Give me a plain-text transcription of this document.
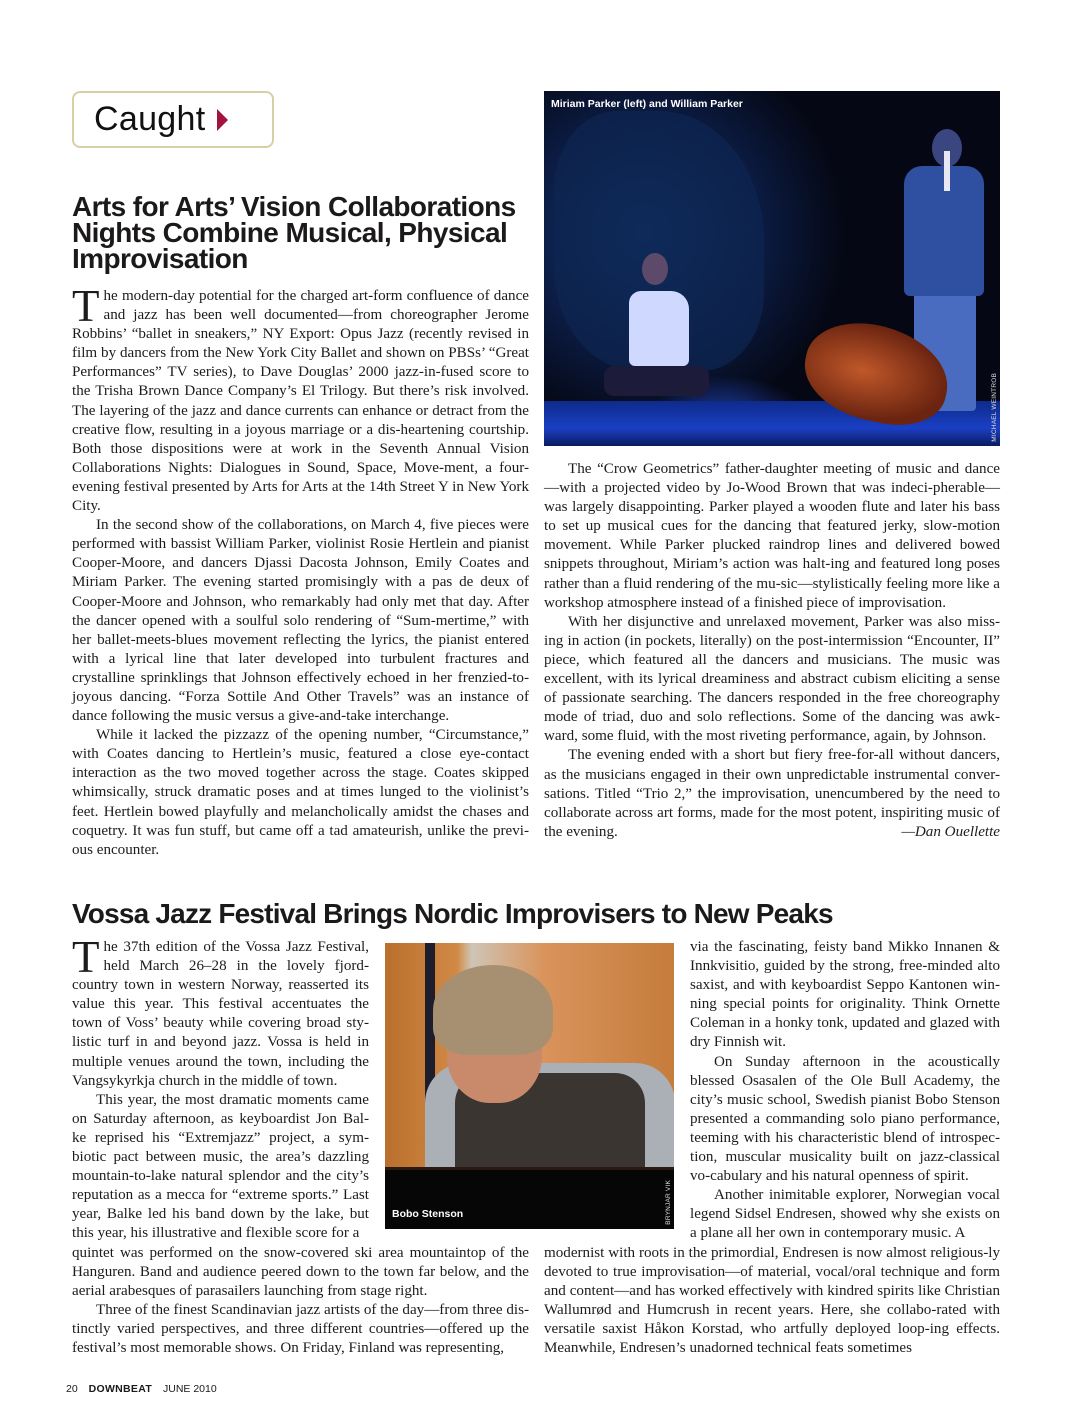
Caught
Arts for Arts’ Vision Collaborations Nights Combine Musical, Physical Improvisation

The modern-day potential for the charged art-form confluence of dance and jazz has been well documented—from choreographer Jerome Robbins’ “ballet in sneakers,” NY Export: Opus Jazz (recently revised in film by dancers from the New York City Ballet and shown on PBSs’ “Great Performances” TV series), to Dave Douglas’ 2000 jazz-in-fused score to the Trisha Brown Dance Company’s El Trilogy. But there’s risk involved. The layering of the jazz and dance currents can enhance or detract from the creative flow, resulting in a joyous marriage or a dis-heartening courtship. Both those dispositions were at work in the Seventh Annual Vision Collaborations Nights: Dialogues in Sound, Space, Move-ment, a four-evening festival presented by Arts for Arts at the 14th Street Y in New York City.

In the second show of the collaborations, on March 4, five pieces were performed with bassist William Parker, violinist Rosie Hertlein and pianist Cooper-Moore, and dancers Djassi Dacosta Johnson, Emily Coates and Miriam Parker. The evening started promisingly with a pas de deux of Cooper-Moore and Johnson, who remarkably had only met that day. After the dancer opened with a soulful solo rendering of “Sum-mertime,” with her ballet-meets-blues movement reflecting the lyrics, the pianist entered with a lyrical line that later developed into turbulent fractures and crystalline sprinklings that Johnson effectively echoed in her frenzied-to-joyous dancing. “Forza Sottile And Other Travels” was an instance of dance following the music versus a give-and-take interchange.

While it lacked the pizzazz of the opening number, “Circumstance,” with Coates dancing to Hertlein’s music, featured a close eye-contact interaction as the two moved together across the stage. Coates skipped whimsically, struck dramatic poses and at times lunged to the violinist’s feet. Hertlein bowed playfully and melancholically amidst the chases and coquetry. It was fun stuff, but came off a tad amateurish, unlike the previ-ous encounter.

Miriam Parker (left) and William Parker
MICHAEL WEINTROB

The “Crow Geometrics” father-daughter meeting of music and dance—with a projected video by Jo-Wood Brown that was indeci-pherable—was largely disappointing. Parker played a wooden flute and later his bass to set up musical cues for the dancing that featured jerky, slow-motion movement. While Parker plucked raindrop lines and delivered bowed snippets throughout, Miriam’s action was halt-ing and featured long poses rather than a fluid rendering of the mu-sic—stylistically feeling more like a workshop atmosphere instead of a finished piece of improvisation.

With her disjunctive and unrelaxed movement, Parker was also miss-ing in action (in pockets, literally) on the post-intermission “Encounter, II” piece, which featured all the dancers and musicians. The music was excellent, with its lyrical dreaminess and abstract cubism eliciting a sense of passionate searching. The dancers responded in the free choreography mode of triad, duo and solo reflections. Some of the dancing was awk-ward, some fluid, with the most riveting performance, again, by Johnson.

The evening ended with a short but fiery free-for-all without dancers, as the musicians engaged in their own unpredictable instrumental conver-sations. Titled “Trio 2,” the improvisation, unencumbered by the need to collaborate across art forms, made for the most potent, inspiriting music of the evening.	—Dan Ouellette
Vossa Jazz Festival Brings Nordic Improvisers to New Peaks

The 37th edition of the Vossa Jazz Festival, held March 26–28 in the lovely fjord-country town in western Norway, reasserted its value this year. This festival accentuates the town of Voss’ beauty while covering broad sty-listic turf in and beyond jazz. Vossa is held in multiple venues around the town, including the Vangsykyrkja church in the middle of town.

This year, the most dramatic moments came on Saturday afternoon, as keyboardist Jon Bal-ke reprised his “Extremjazz” project, a sym-biotic pact between music, the area’s dazzling mountain-to-lake natural splendor and the city’s reputation as a mecca for “extreme sports.” Last year, Balke led his band down by the lake, but this year, his illustrative and flexible score for a

Bobo Stenson	BRYNJAR VIK

via the fascinating, feisty band Mikko Innanen & Innkvisitio, guided by the strong, free-minded alto saxist, and with keyboardist Seppo Kantonen win-ning special points for originality. Think Ornette Coleman in a honky tonk, updated and glazed with dry Finnish wit.

On Sunday afternoon in the acoustically blessed Osasalen of the Ole Bull Academy, the city’s music school, Swedish pianist Bobo Stenson presented a commanding solo piano performance, teeming with his characteristic blend of introspec-tion, muscular musicality built on jazz-classical vo-cabulary and his natural openness of spirit.

Another inimitable explorer, Norwegian vocal legend Sidsel Endresen, showed why she exists on a plane all her own in contemporary music. A

quintet was performed on the snow-covered ski area mountaintop of the Hanguren. Band and audience peered down to the town far below, and the aerial arabesques of parasailers launching from stage right.

Three of the finest Scandinavian jazz artists of the day—from three dis-tinctly varied perspectives, and three different countries—offered up the festival’s most memorable shows. On Friday, Finland was representing,

modernist with roots in the primordial, Endresen is now almost religious-ly devoted to true improvisation—of material, vocal/oral technique and form and content—and has worked effectively with kindred spirits like Christian Wallumrød and Humcrush in recent years. Here, she collabo-rated with versatile saxist Håkon Korstad, who artfully deployed loop-ing effects. Meanwhile, Endresen’s unadorned technical feats sometimes

20 DOWNBEAT JUNE 2010
